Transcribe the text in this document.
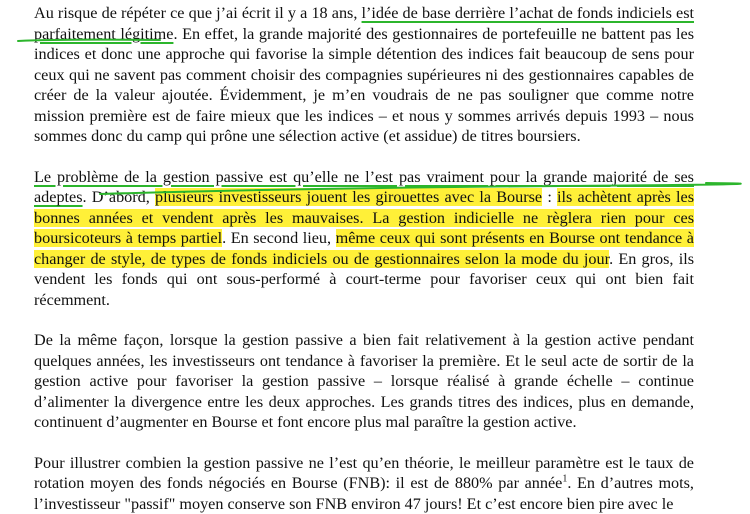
Au risque de répéter ce que j’ai écrit il y a 18 ans, l’idée de base derrière l’achat de fonds indiciels est parfaitement légitime. En effet, la grande majorité des gestionnaires de portefeuille ne battent pas les indices et donc une approche qui favorise la simple détention des indices fait beaucoup de sens pour ceux qui ne savent pas comment choisir des compagnies supérieures ni des gestionnaires capables de créer de la valeur ajoutée. Évidemment, je m’en voudrais de ne pas souligner que comme notre mission première est de faire mieux que les indices – et nous y sommes arrivés depuis 1993 – nous sommes donc du camp qui prône une sélection active (et assidue) de titres boursiers.

Le problème de la gestion passive est qu’elle ne l’est pas vraiment pour la grande majorité de ses adeptes. D’abord, plusieurs investisseurs jouent les girouettes avec la Bourse : ils achètent après les bonnes années et vendent après les mauvaises. La gestion indicielle ne règlera rien pour ces boursicoteurs à temps partiel. En second lieu, même ceux qui sont présents en Bourse ont tendance à changer de style, de types de fonds indiciels ou de gestionnaires selon la mode du jour. En gros, ils vendent les fonds qui ont sous-performé à court-terme pour favoriser ceux qui ont bien fait récemment.

De la même façon, lorsque la gestion passive a bien fait relativement à la gestion active pendant quelques années, les investisseurs ont tendance à favoriser la première. Et le seul acte de sortir de la gestion active pour favoriser la gestion passive – lorsque réalisé à grande échelle – continue d’alimenter la divergence entre les deux approches. Les grands titres des indices, plus en demande, continuent d’augmenter en Bourse et font encore plus mal paraître la gestion active.

Pour illustrer combien la gestion passive ne l’est qu’en théorie, le meilleur paramètre est le taux de rotation moyen des fonds négociés en Bourse (FNB): il est de 880% par année$^1$. En d’autres mots, l’investisseur "passif" moyen conserve son FNB environ 47 jours! Et c’est encore bien pire avec le
